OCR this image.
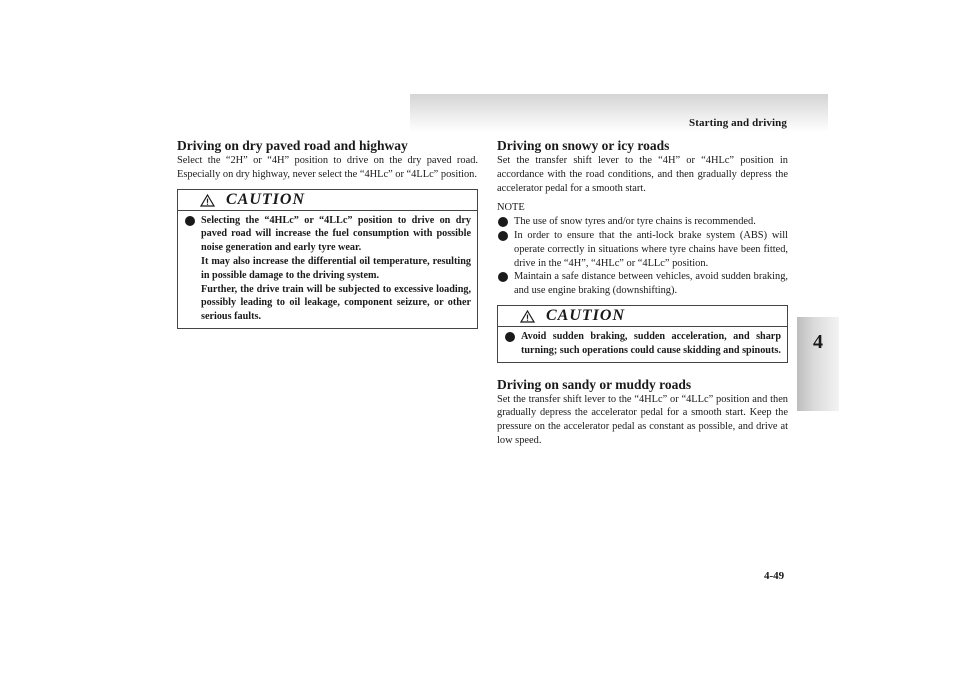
Starting and driving
4
Driving on dry paved road and highway

Select the “2H” or “4H” position to drive on the dry paved road. Especially on dry highway, never select the “4HLc” or “4LLc” position.

CAUTION
Selecting the “4HLc” or “4LLc” position to drive on dry paved road will increase the fuel consumption with possible noise generation and early tyre wear.
It may also increase the differential oil temperature, resulting in possible damage to the driving system.
Further, the drive train will be subjected to excessive loading, possibly leading to oil leakage, component seizure, or other serious faults.
Driving on snowy or icy roads

Set the transfer shift lever to the “4H” or “4HLc” position in accordance with the road conditions, and then gradually depress the accelerator pedal for a smooth start.

NOTE
The use of snow tyres and/or tyre chains is recommended.
In order to ensure that the anti-lock brake system (ABS) will operate correctly in situations where tyre chains have been fitted, drive in the “4H”, “4HLc” or “4LLc” position.
Maintain a safe distance between vehicles, avoid sudden braking, and use engine braking (downshifting).
CAUTION
Avoid sudden braking, sudden acceleration, and sharp turning; such operations could cause skidding and spinouts.
Driving on sandy or muddy roads

Set the transfer shift lever to the “4HLc” or “4LLc” position and then gradually depress the accelerator pedal for a smooth start. Keep the pressure on the accelerator pedal as constant as possible, and drive at low speed.

4-49
